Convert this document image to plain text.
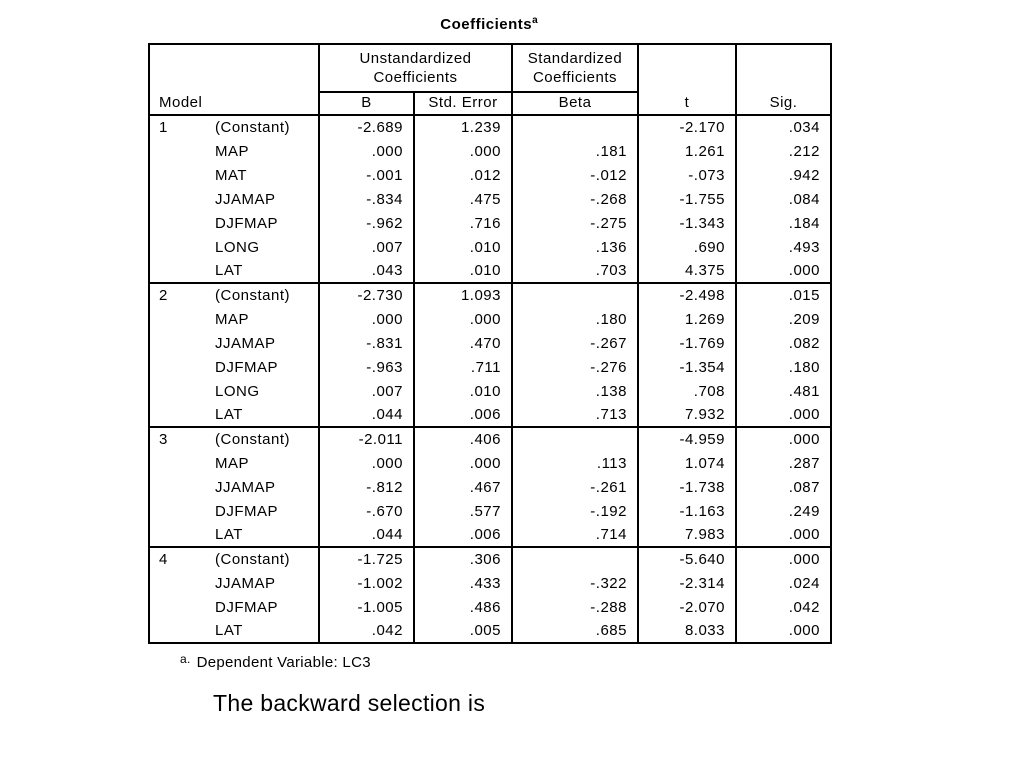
Coefficients$^a$
Model		Unstandardized Coefficients		Standardized Coefficients	t	Sig.
		B	Std. Error	Beta		
1	(Constant)	-2.689	1.239		-2.170	.034
	MAP	.000	.000	.181	1.261	.212
	MAT	-.001	.012	-.012	-.073	.942
	JJAMAP	-.834	.475	-.268	-1.755	.084
	DJFMAP	-.962	.716	-.275	-1.343	.184
	LONG	.007	.010	.136	.690	.493
	LAT	.043	.010	.703	4.375	.000
2	(Constant)	-2.730	1.093		-2.498	.015
	MAP	.000	.000	.180	1.269	.209
	JJAMAP	-.831	.470	-.267	-1.769	.082
	DJFMAP	-.963	.711	-.276	-1.354	.180
	LONG	.007	.010	.138	.708	.481
	LAT	.044	.006	.713	7.932	.000
3	(Constant)	-2.011	.406		-4.959	.000
	MAP	.000	.000	.113	1.074	.287
	JJAMAP	-.812	.467	-.261	-1.738	.087
	DJFMAP	-.670	.577	-.192	-1.163	.249
	LAT	.044	.006	.714	7.983	.000
4	(Constant)	-1.725	.306		-5.640	.000
	JJAMAP	-1.002	.433	-.322	-2.314	.024
	DJFMAP	-1.005	.486	-.288	-2.070	.042
	LAT	.042	.005	.685	8.033	.000
$^{a.}$ Dependent Variable: LC3
The backward selection is
